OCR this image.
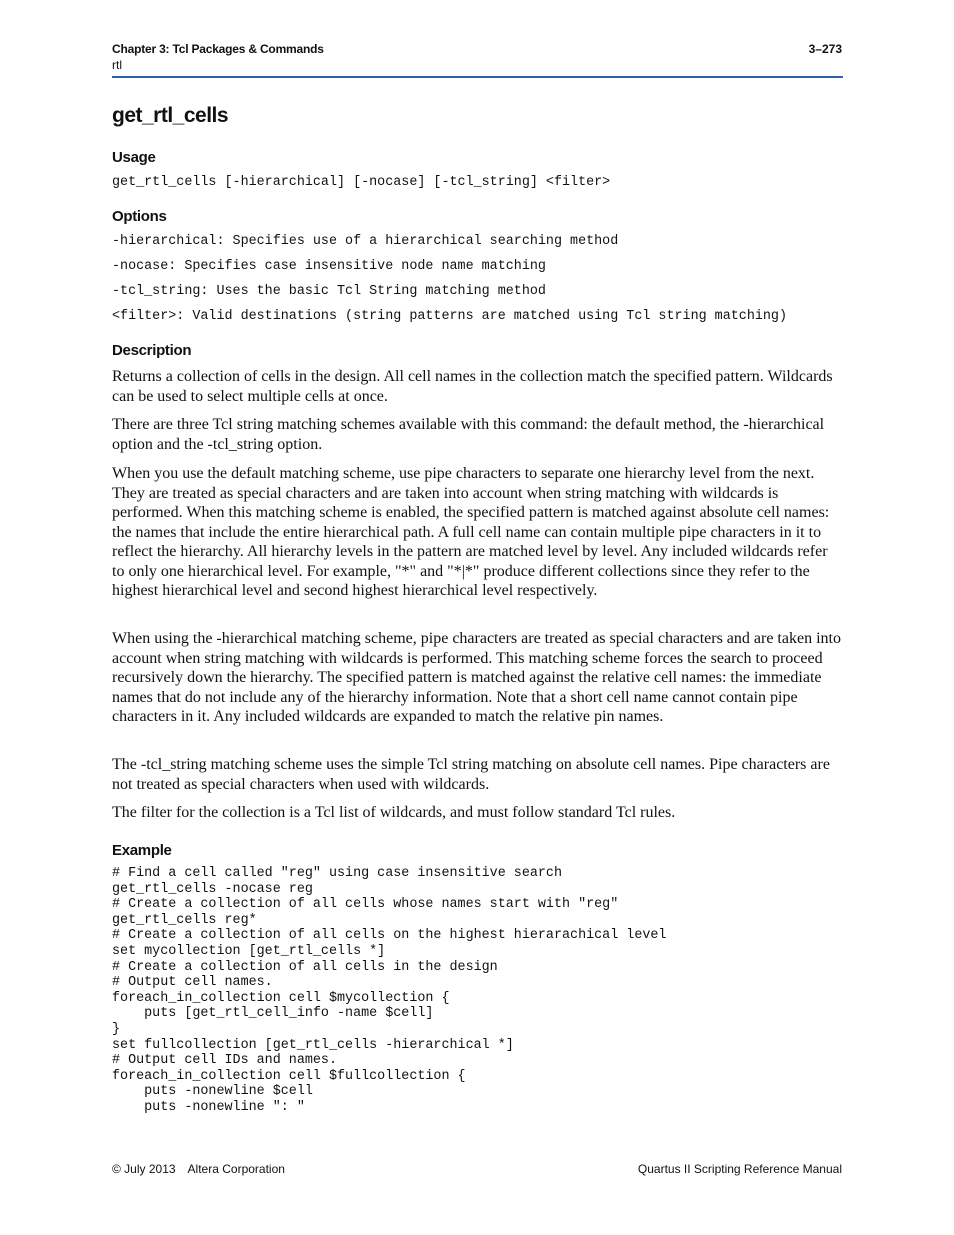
Chapter 3: Tcl Packages & Commands	3–273
rtl
get_rtl_cells
Usage

get_rtl_cells [-hierarchical] [-nocase] [-tcl_string] <filter>

Options

-hierarchical: Specifies use of a hierarchical searching method

-nocase: Specifies case insensitive node name matching

-tcl_string: Uses the basic Tcl String matching method

<filter>: Valid destinations (string patterns are matched using Tcl string matching)

Description

Returns a collection of cells in the design. All cell names in the collection match the specified pattern. Wildcards can be used to select multiple cells at once.

There are three Tcl string matching schemes available with this command: the default method, the -hierarchical option and the -tcl_string option.

When you use the default matching scheme, use pipe characters to separate one hierarchy level from the next. They are treated as special characters and are taken into account when string matching with wildcards is performed. When this matching scheme is enabled, the specified pattern is matched against absolute cell names: the names that include the entire hierarchical path. A full cell name can contain multiple pipe characters in it to reflect the hierarchy. All hierarchy levels in the pattern are matched level by level. Any included wildcards refer to only one hierarchical level. For example, "*" and "*|*" produce different collections since they refer to the highest hierarchical level and second highest hierarchical level respectively.

When using the -hierarchical matching scheme, pipe characters are treated as special characters and are taken into account when string matching with wildcards is performed. This matching scheme forces the search to proceed recursively down the hierarchy. The specified pattern is matched against the relative cell names: the immediate names that do not include any of the hierarchy information. Note that a short cell name cannot contain pipe characters in it. Any included wildcards are expanded to match the relative pin names.

The -tcl_string matching scheme uses the simple Tcl string matching on absolute cell names. Pipe characters are not treated as special characters when used with wildcards.

The filter for the collection is a Tcl list of wildcards, and must follow standard Tcl rules.

Example
# Find a cell called "reg" using case insensitive search
get_rtl_cells -nocase reg
# Create a collection of all cells whose names start with "reg"
get_rtl_cells reg*
# Create a collection of all cells on the highest hierarachical level
set mycollection [get_rtl_cells *]
# Create a collection of all cells in the design
# Output cell names.
foreach_in_collection cell $mycollection {
puts [get_rtl_cell_info -name $cell]
}
set fullcollection [get_rtl_cells -hierarchical *]
# Output cell IDs and names.
foreach_in_collection cell $fullcollection {
puts -nonewline $cell
puts -nonewline ": "
© July 2013 Altera Corporation	Quartus II Scripting Reference Manual
